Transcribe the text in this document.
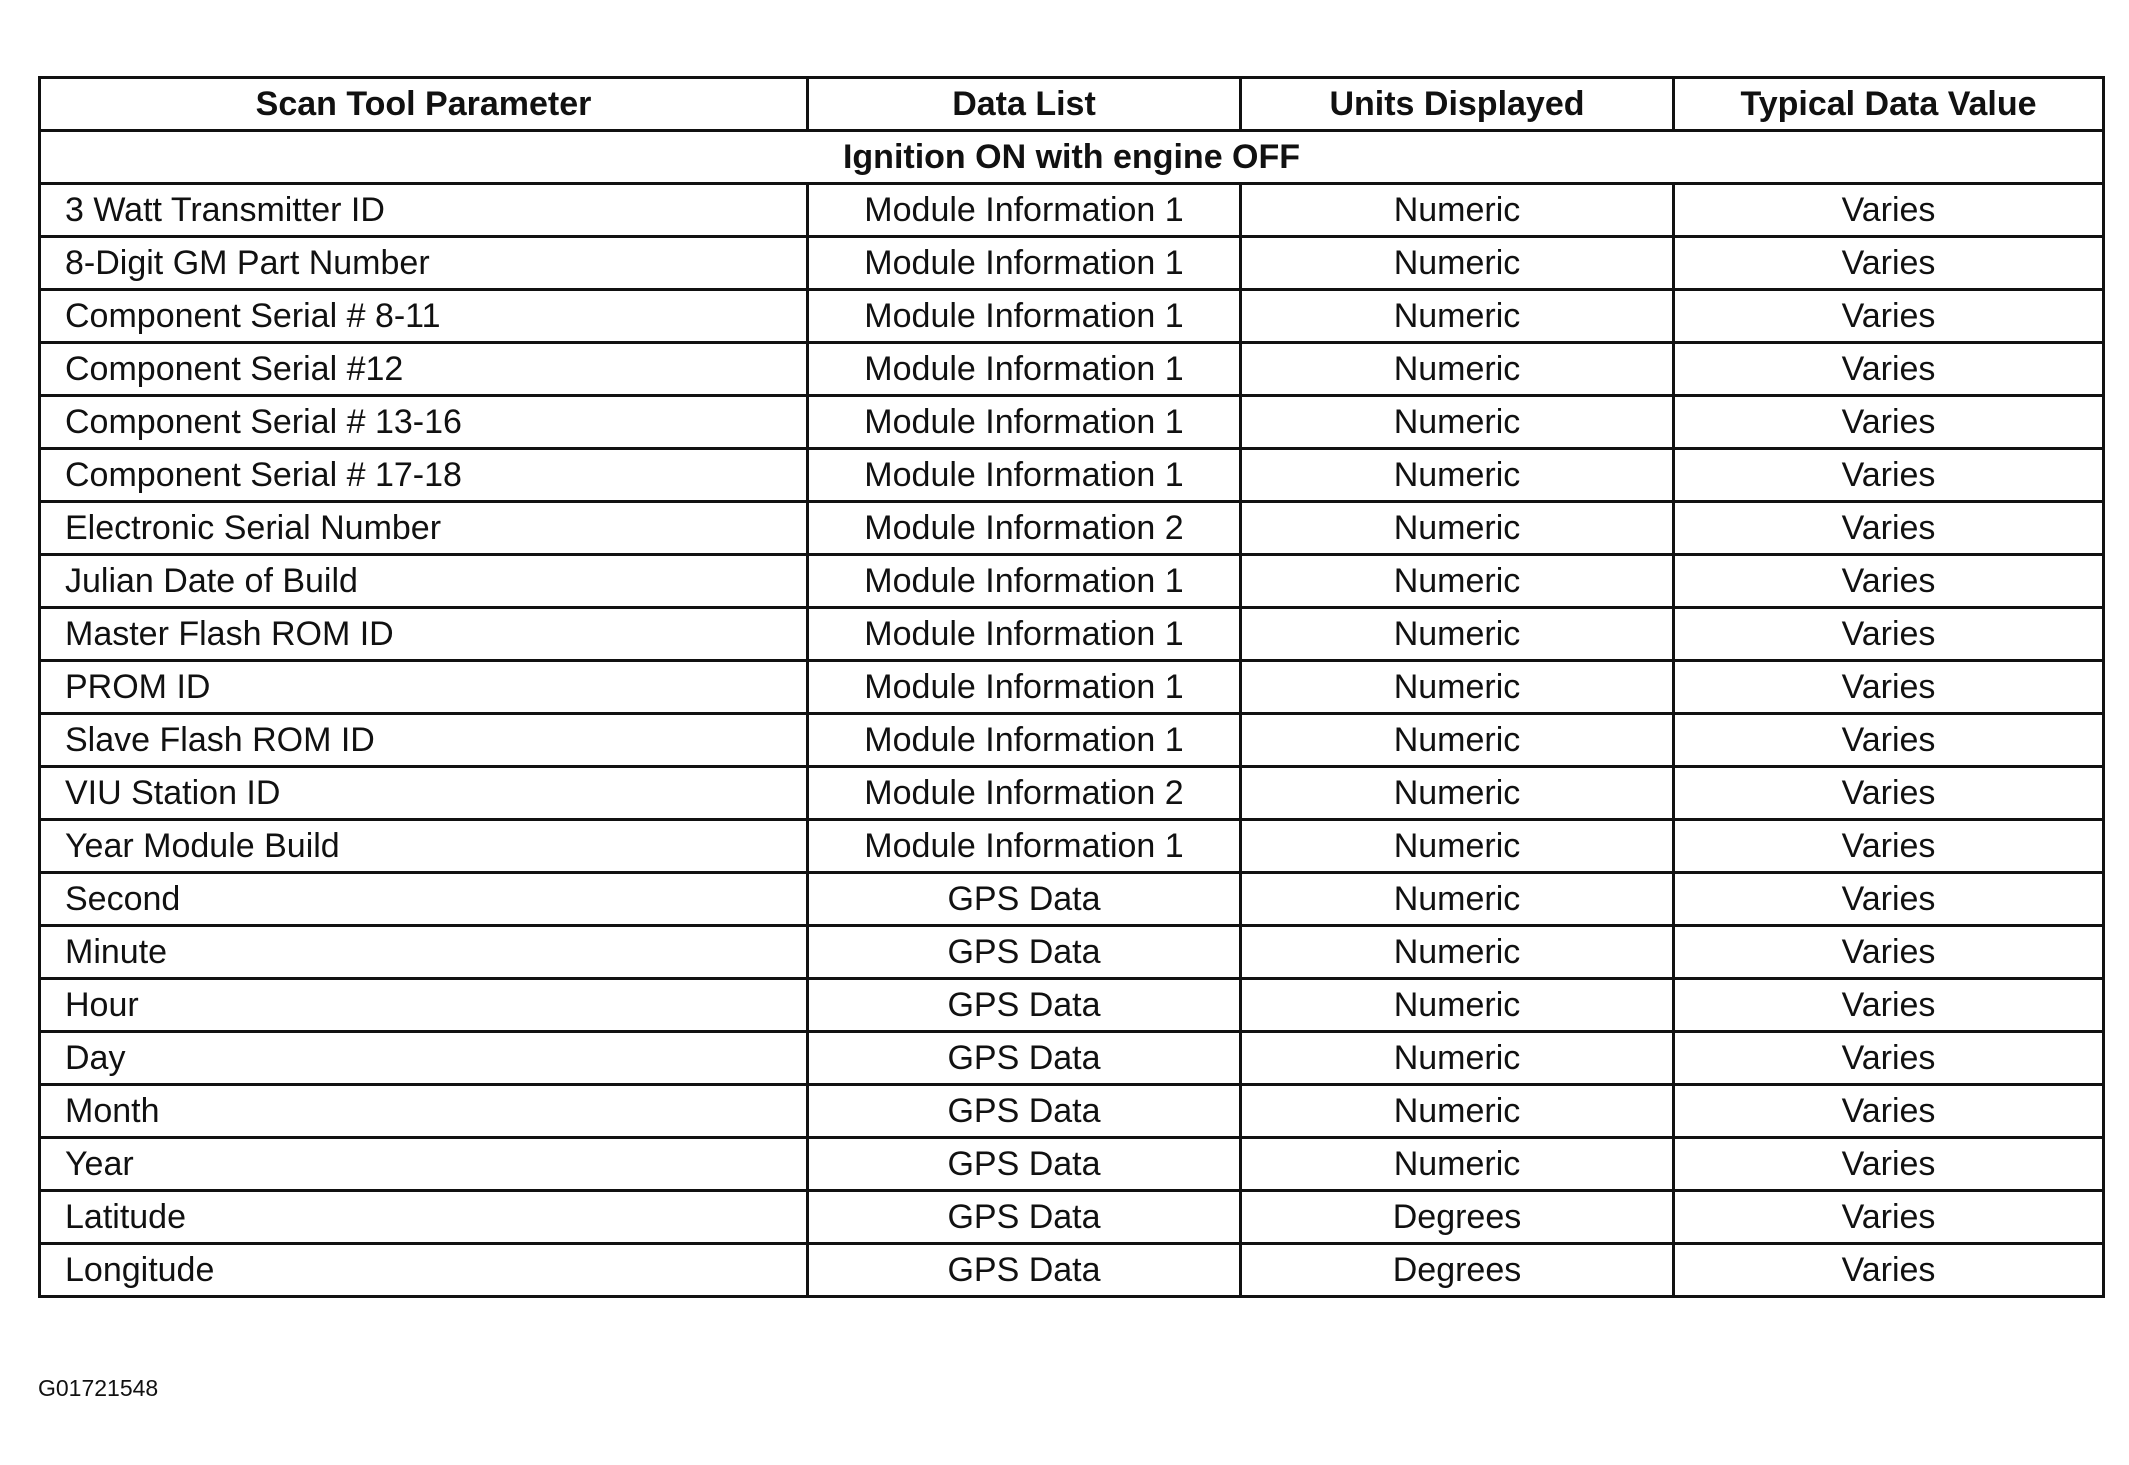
Scan Tool Parameter	Data List	Units Displayed	Typical Data Value
Ignition ON with engine OFF			
3 Watt Transmitter ID	Module Information 1	Numeric	Varies
8-Digit GM Part Number	Module Information 1	Numeric	Varies
Component Serial # 8-11	Module Information 1	Numeric	Varies
Component Serial #12	Module Information 1	Numeric	Varies
Component Serial # 13-16	Module Information 1	Numeric	Varies
Component Serial # 17-18	Module Information 1	Numeric	Varies
Electronic Serial Number	Module Information 2	Numeric	Varies
Julian Date of Build	Module Information 1	Numeric	Varies
Master Flash ROM ID	Module Information 1	Numeric	Varies
PROM ID	Module Information 1	Numeric	Varies
Slave Flash ROM ID	Module Information 1	Numeric	Varies
VIU Station ID	Module Information 2	Numeric	Varies
Year Module Build	Module Information 1	Numeric	Varies
Second	GPS Data	Numeric	Varies
Minute	GPS Data	Numeric	Varies
Hour	GPS Data	Numeric	Varies
Day	GPS Data	Numeric	Varies
Month	GPS Data	Numeric	Varies
Year	GPS Data	Numeric	Varies
Latitude	GPS Data	Degrees	Varies
Longitude	GPS Data	Degrees	Varies
G01721548
